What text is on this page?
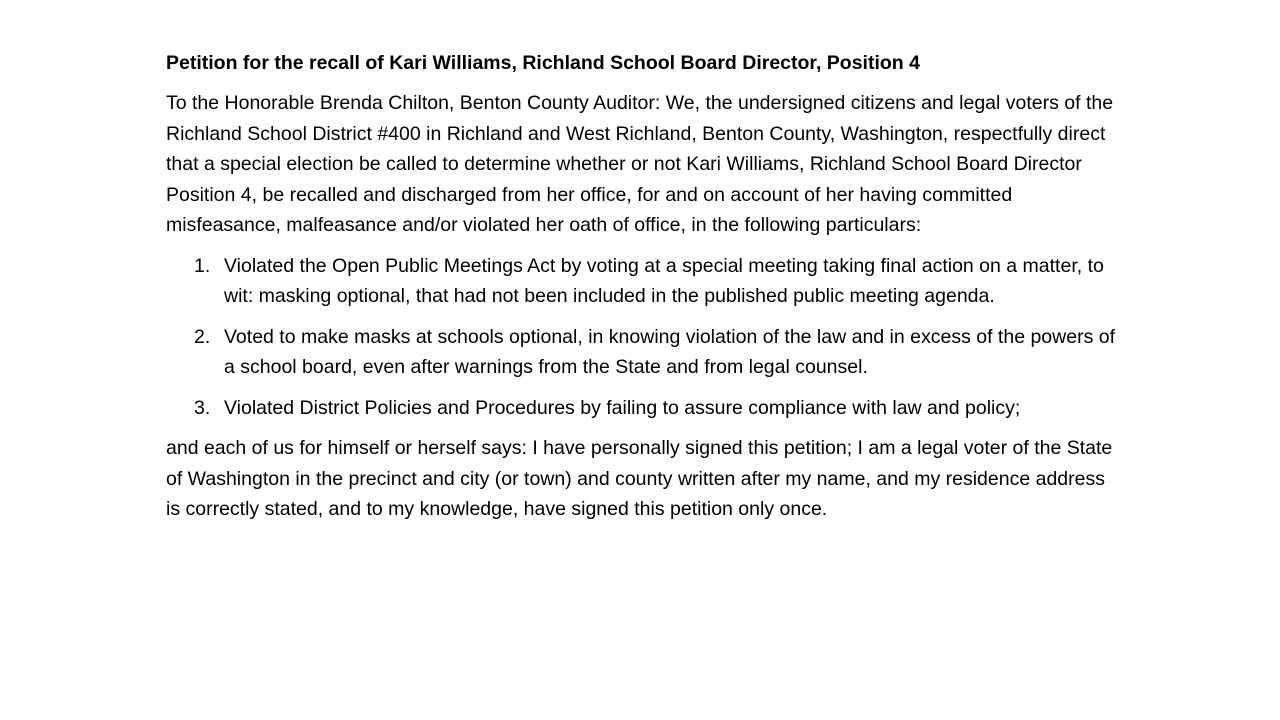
Petition for the recall of Kari Williams, Richland School Board Director, Position 4
To the Honorable Brenda Chilton, Benton County Auditor: We, the undersigned citizens and legal voters of the Richland School District #400 in Richland and West Richland, Benton County, Washington, respectfully direct that a special election be called to determine whether or not Kari Williams, Richland School Board Director Position 4, be recalled and discharged from her office, for and on account of her having committed misfeasance, malfeasance and/or violated her oath of office, in the following particulars:
1. Violated the Open Public Meetings Act by voting at a special meeting taking final action on a matter, to wit: masking optional, that had not been included in the published public meeting agenda.
2. Voted to make masks at schools optional, in knowing violation of the law and in excess of the powers of a school board, even after warnings from the State and from legal counsel.
3. Violated District Policies and Procedures by failing to assure compliance with law and policy;
and each of us for himself or herself says: I have personally signed this petition; I am a legal voter of the State of Washington in the precinct and city (or town) and county written after my name, and my residence address is correctly stated, and to my knowledge, have signed this petition only once.
